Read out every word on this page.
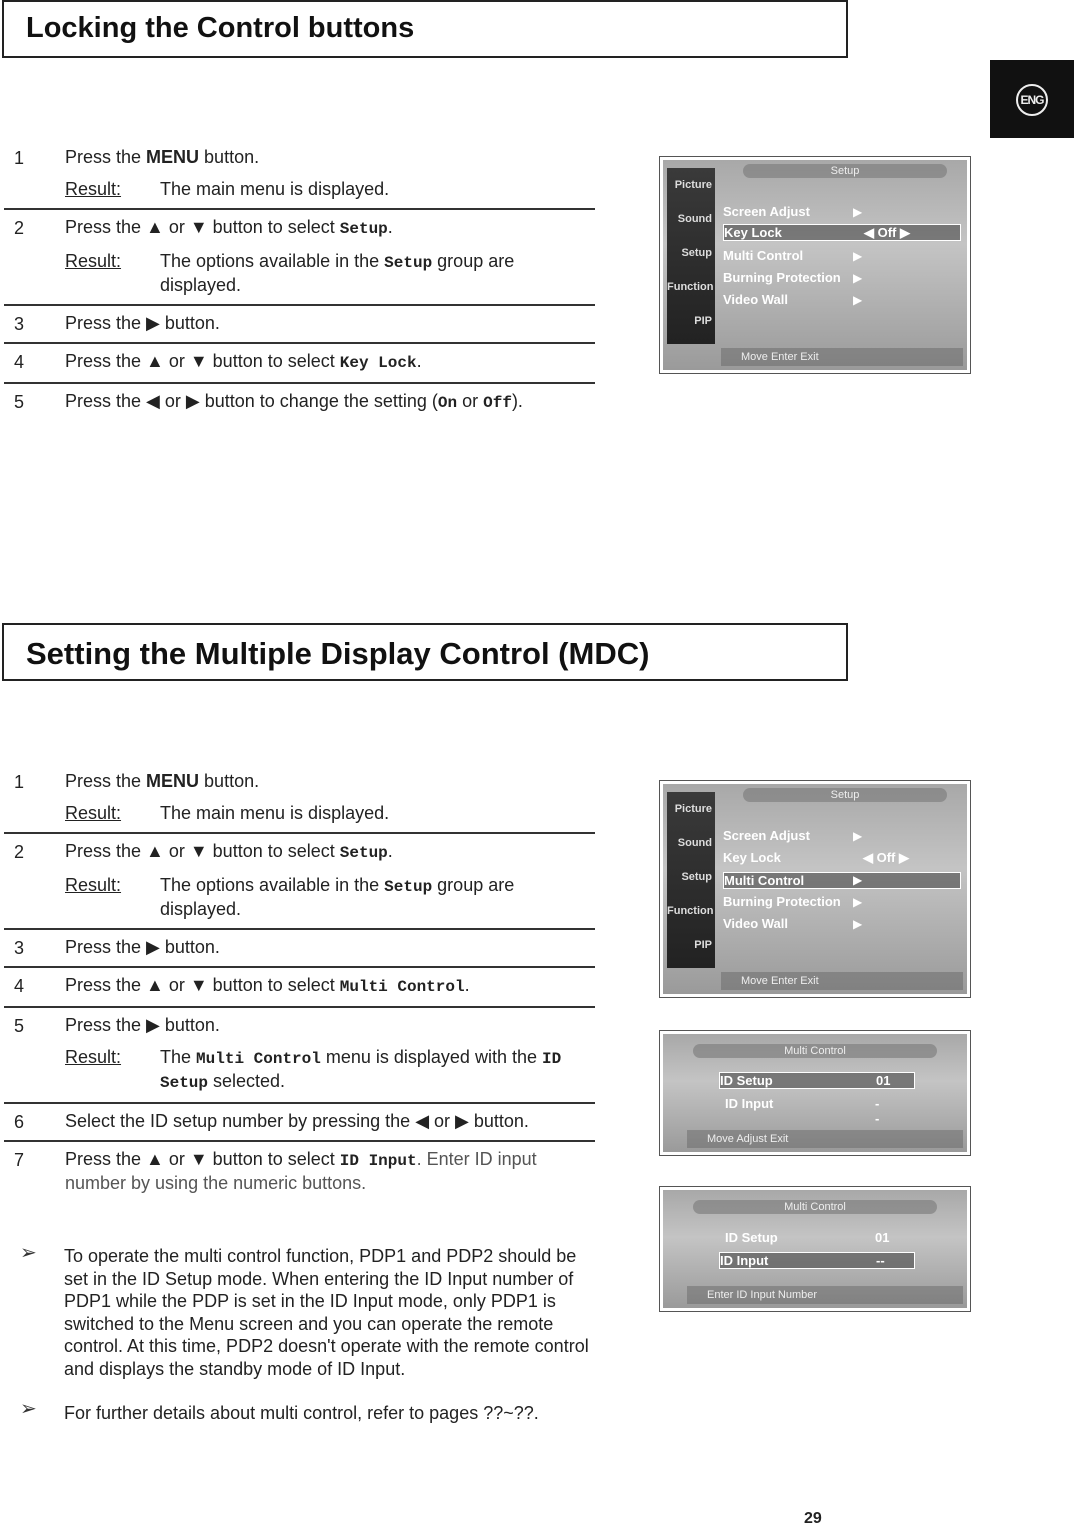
Locking the Control buttons
ENG
1 Press the MENU button.
Result:	The main menu is displayed.
2 Press the ▲ or ▼ button to select Setup.
Result:	The options available in the Setup group are displayed.
3 Press the ▶ button.
4 Press the ▲ or ▼ button to select Key Lock.
5 Press the ◀ or ▶ button to change the setting (On or Off).
Setup
Picture
Sound
Setup
Function
PIP
Screen Adjust	▶
Key Lock	◀ Off ▶
Multi Control	▶
Burning Protection ▶
Video Wall	▶
Move Enter Exit
Setting the Multiple Display Control (MDC)
1 Press the MENU button.
Result:	The main menu is displayed.
2 Press the ▲ or ▼ button to select Setup.
Result:	The options available in the Setup group are displayed.
3 Press the ▶ button.
4 Press the ▲ or ▼ button to select Multi Control.
5 Press the ▶ button.
Result:	The Multi Control menu is displayed with the ID Setup selected.
6 Select the ID setup number by pressing the ◀ or ▶ button.
7 Press the ▲ or ▼ button to select ID Input. Enter ID input number by using the numeric buttons.
Setup
Picture
Sound
Setup
Function
PIP
Screen Adjust	▶
Key Lock	◀ Off ▶
Multi Control	▶
Burning Protection ▶
Video Wall	▶
Move Enter Exit
Multi Control
ID Setup	01
ID Input	--
Move Adjust Exit
Multi Control
ID Setup	01
ID Input	--
Enter ID Input Number
➢ To operate the multi control function, PDP1 and PDP2 should be set in the ID Setup mode. When entering the ID Input number of PDP1 while the PDP is set in the ID Input mode, only PDP1 is switched to the Menu screen and you can operate the remote control. At this time, PDP2 doesn't operate with the remote control and displays the standby mode of ID Input.
➢ For further details about multi control, refer to pages ??~??.
29
